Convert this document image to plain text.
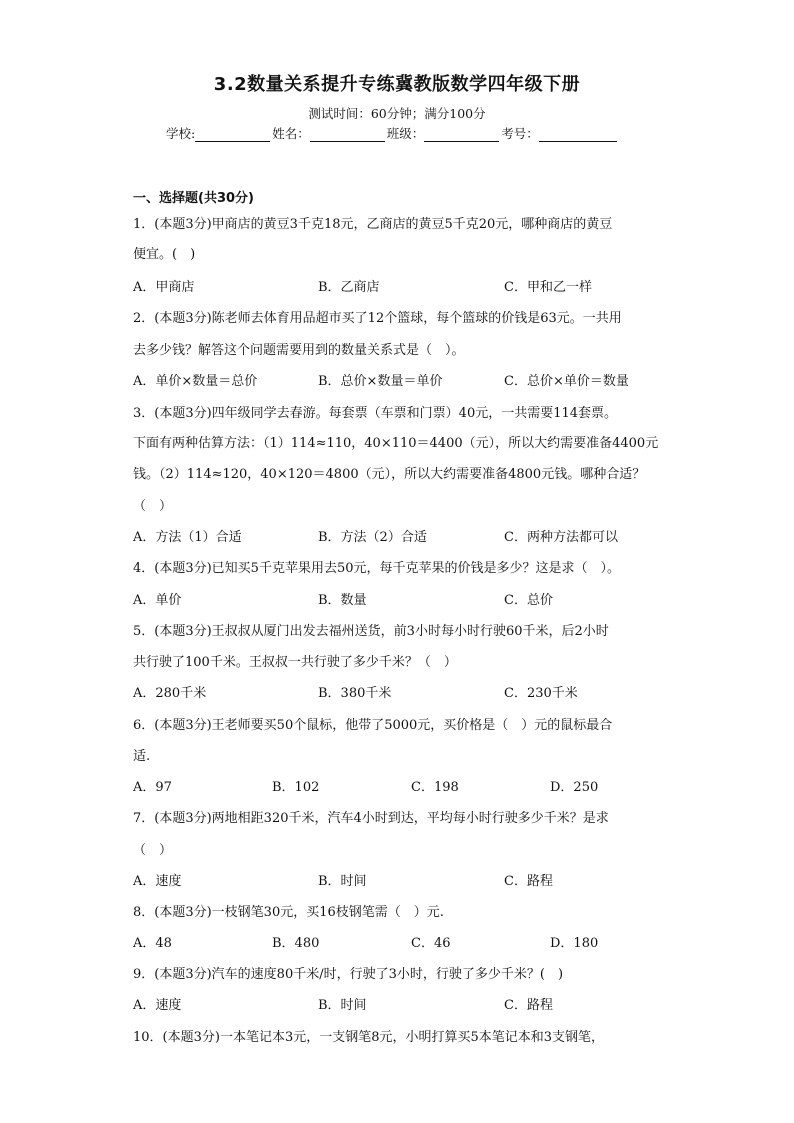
3.2数量关系提升专练冀教版数学四年级下册
测试时间：60分钟；满分100分
学校:	姓名：	班级：	考号：
一、选择题(共30分)
1．(本题3分)甲商店的黄豆3千克18元，乙商店的黄豆5千克20元，哪种商店的黄豆
便宜。(　)
A．甲商店	B．乙商店	C．甲和乙一样
2．(本题3分)陈老师去体育用品超市买了12个篮球，每个篮球的价钱是63元。一共用
去多少钱？解答这个问题需要用到的数量关系式是（　）。
A．单价×数量＝总价	B．总价×数量＝单价	C．总价×单价＝数量
3．(本题3分)四年级同学去春游。每套票（车票和门票）40元，一共需要114套票。
下面有两种估算方法：（1）114≈110，40×110＝4400（元），所以大约需要准备4400元
钱。（2）114≈120，40×120＝4800（元），所以大约需要准备4800元钱。哪种合适？
（　）
A．方法（1）合适	B．方法（2）合适	C．两种方法都可以
4．(本题3分)已知买5千克苹果用去50元，每千克苹果的价钱是多少？这是求（　）。
A．单价	B．数量	C．总价
5．(本题3分)王叔叔从厦门出发去福州送货，前3小时每小时行驶60千米，后2小时
共行驶了100千米。王叔叔一共行驶了多少千米？（　）
A．280千米	B．380千米	C．230千米
6．(本题3分)王老师要买50个鼠标，他带了5000元，买价格是（　）元的鼠标最合
适.
A．97	B．102	C．198	D．250
7．(本题3分)两地相距320千米，汽车4小时到达，平均每小时行驶多少千米？是求
（　）
A．速度	B．时间	C．路程
8．(本题3分)一枝钢笔30元，买16枝钢笔需（　）元.
A．48	B．480	C．46	D．180
9．(本题3分)汽车的速度80千米/时，行驶了3小时，行驶了多少千米？(　)
A．速度	B．时间	C．路程
10．(本题3分)一本笔记本3元，一支钢笔8元，小明打算买5本笔记本和3支钢笔，
